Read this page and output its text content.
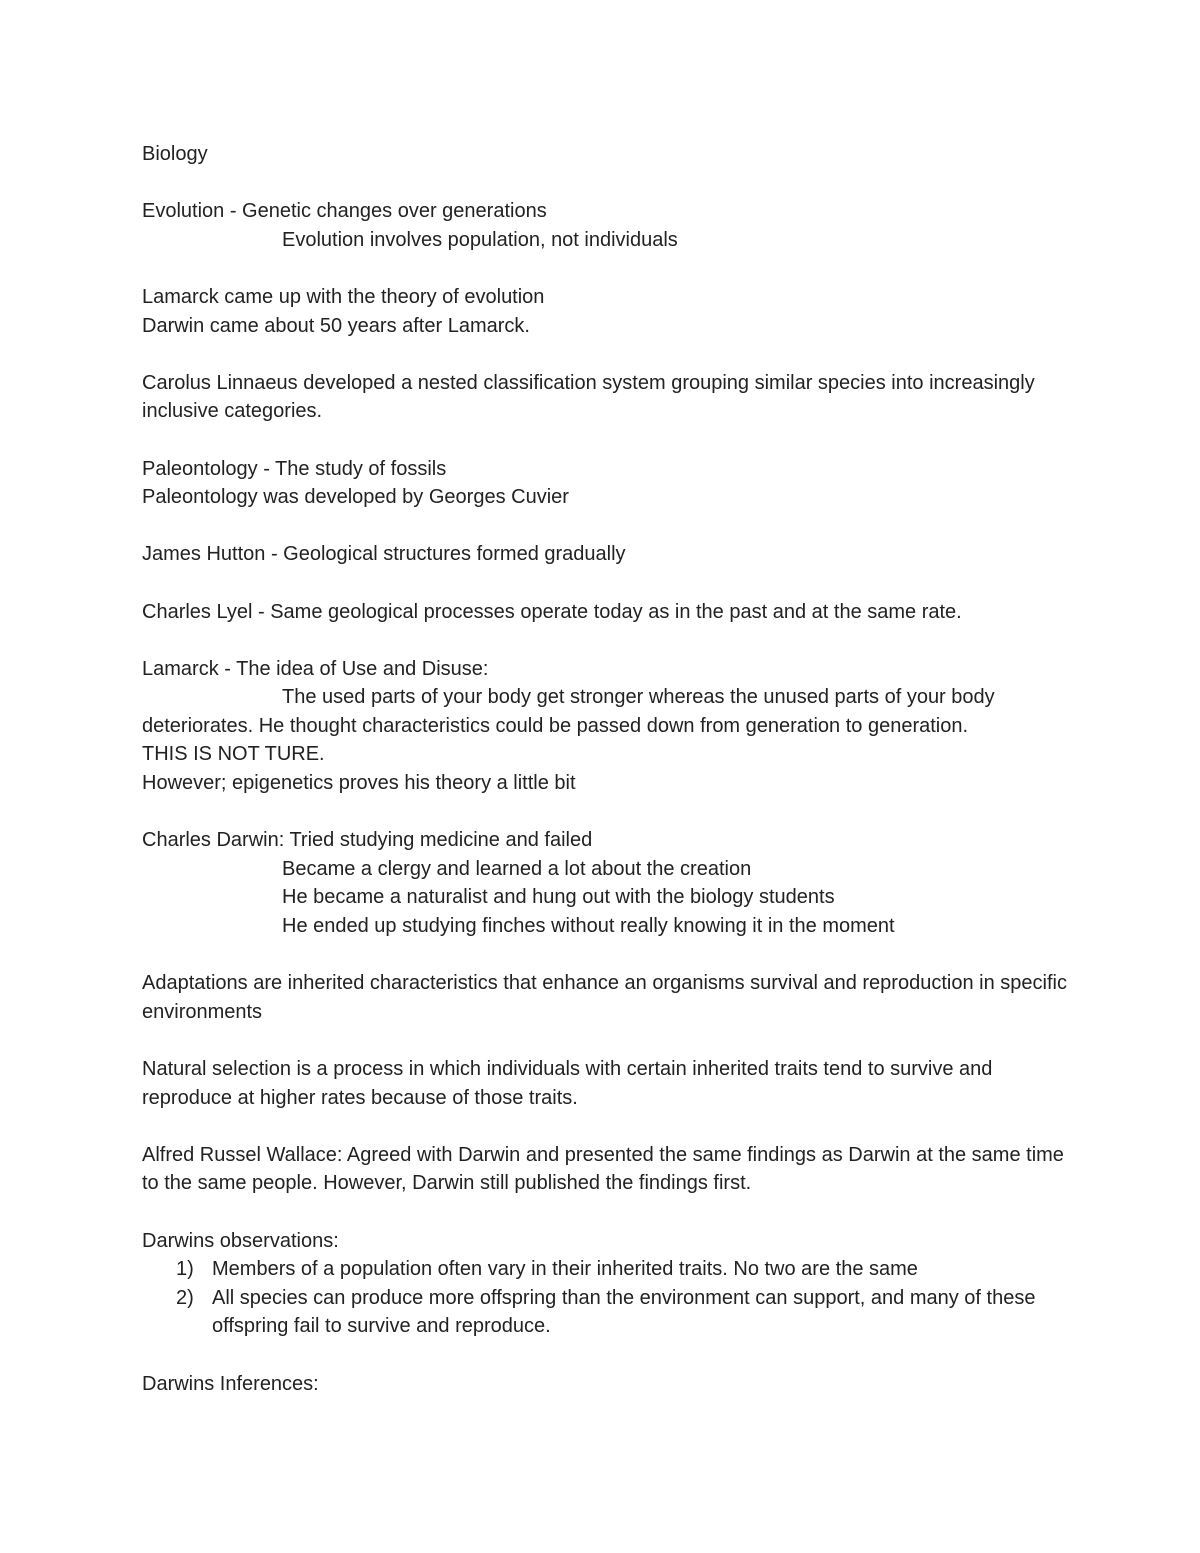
Biology
Evolution - Genetic changes over generations
Evolution involves population, not individuals
Lamarck came up with the theory of evolution
Darwin came about 50 years after Lamarck.
Carolus Linnaeus developed a nested classification system grouping similar species into increasingly inclusive categories.
Paleontology - The study of fossils
Paleontology was developed by Georges Cuvier
James Hutton - Geological structures formed gradually
Charles Lyel - Same geological processes operate today as in the past and at the same rate.
Lamarck - The idea of Use and Disuse:
The used parts of your body get stronger whereas the unused parts of your body
deteriorates. He thought characteristics could be passed down from generation to generation.
THIS IS NOT TURE.
However; epigenetics proves his theory a little bit
Charles Darwin: Tried studying medicine and failed
Became a clergy and learned a lot about the creation
He became a naturalist and hung out with the biology students
He ended up studying finches without really knowing it in the moment
Adaptations are inherited characteristics that enhance an organisms survival and reproduction in specific environments
Natural selection is a process in which individuals with certain inherited traits tend to survive and reproduce at higher rates because of those traits.
Alfred Russel Wallace: Agreed with Darwin and presented the same findings as Darwin at the same time to the same people. However, Darwin still published the findings first.
Darwins observations:
1) Members of a population often vary in their inherited traits. No two are the same
2) All species can produce more offspring than the environment can support, and many of these offspring fail to survive and reproduce.
Darwins Inferences:
